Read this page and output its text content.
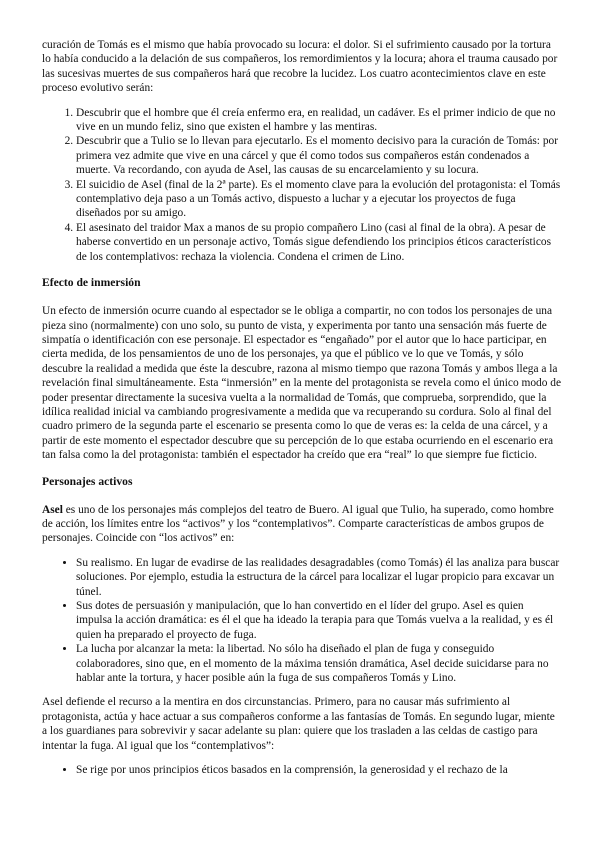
curación de Tomás es el mismo que había provocado su locura: el dolor. Si el sufrimiento causado por la tortura lo había conducido a la delación de sus compañeros, los remordimientos y la locura; ahora el trauma causado por las sucesivas muertes de sus compañeros hará que recobre la lucidez. Los cuatro acontecimientos clave en este proceso evolutivo serán:

1. Descubrir que el hombre que él creía enfermo era, en realidad, un cadáver. Es el primer indicio de que no vive en un mundo feliz, sino que existen el hambre y las mentiras.
2. Descubrir que a Tulio se lo llevan para ejecutarlo. Es el momento decisivo para la curación de Tomás: por primera vez admite que vive en una cárcel y que él como todos sus compañeros están condenados a muerte. Va recordando, con ayuda de Asel, las causas de su encarcelamiento y su locura.
3. El suicidio de Asel (final de la 2ª parte). Es el momento clave para la evolución del protagonista: el Tomás contemplativo deja paso a un Tomás activo, dispuesto a luchar y a ejecutar los proyectos de fuga diseñados por su amigo.
4. El asesinato del traidor Max a manos de su propio compañero Lino (casi al final de la obra). A pesar de haberse convertido en un personaje activo, Tomás sigue defendiendo los principios éticos característicos de los contemplativos: rechaza la violencia. Condena el crimen de Lino.
Efecto de inmersión

Un efecto de inmersión ocurre cuando al espectador se le obliga a compartir, no con todos los personajes de una pieza sino (normalmente) con uno solo, su punto de vista, y experimenta por tanto una sensación más fuerte de simpatía o identificación con ese personaje. El espectador es “engañado” por el autor que lo hace participar, en cierta medida, de los pensamientos de uno de los personajes, ya que el público ve lo que ve Tomás, y sólo descubre la realidad a medida que éste la descubre, razona al mismo tiempo que razona Tomás y ambos llega a la revelación final simultáneamente. Esta “inmersión” en la mente del protagonista se revela como el único modo de poder presentar directamente la sucesiva vuelta a la normalidad de Tomás, que comprueba, sorprendido, que la idílica realidad inicial va cambiando progresivamente a medida que va recuperando su cordura. Solo al final del cuadro primero de la segunda parte el escenario se presenta como lo que de veras es: la celda de una cárcel, y a partir de este momento el espectador descubre que su percepción de lo que estaba ocurriendo en el escenario era tan falsa como la del protagonista: también el espectador ha creído que era “real” lo que siempre fue ficticio.

Personajes activos

Asel es uno de los personajes más complejos del teatro de Buero. Al igual que Tulio, ha superado, como hombre de acción, los límites entre los “activos” y los “contemplativos”. Comparte características de ambos grupos de personajes. Coincide con “los activos” en:

• Su realismo. En lugar de evadirse de las realidades desagradables (como Tomás) él las analiza para buscar soluciones. Por ejemplo, estudia la estructura de la cárcel para localizar el lugar propicio para excavar un túnel.
• Sus dotes de persuasión y manipulación, que lo han convertido en el líder del grupo. Asel es quien impulsa la acción dramática: es él el que ha ideado la terapia para que Tomás vuelva a la realidad, y es él quien ha preparado el proyecto de fuga.
• La lucha por alcanzar la meta: la libertad. No sólo ha diseñado el plan de fuga y conseguido colaboradores, sino que, en el momento de la máxima tensión dramática, Asel decide suicidarse para no hablar ante la tortura, y hacer posible aún la fuga de sus compañeros Tomás y Lino.

Asel defiende el recurso a la mentira en dos circunstancias. Primero, para no causar más sufrimiento al protagonista, actúa y hace actuar a sus compañeros conforme a las fantasías de Tomás. En segundo lugar, miente a los guardianes para sobrevivir y sacar adelante su plan: quiere que los trasladen a las celdas de castigo para intentar la fuga. Al igual que los “contemplativos”:

• Se rige por unos principios éticos basados en la comprensión, la generosidad y el rechazo de la
